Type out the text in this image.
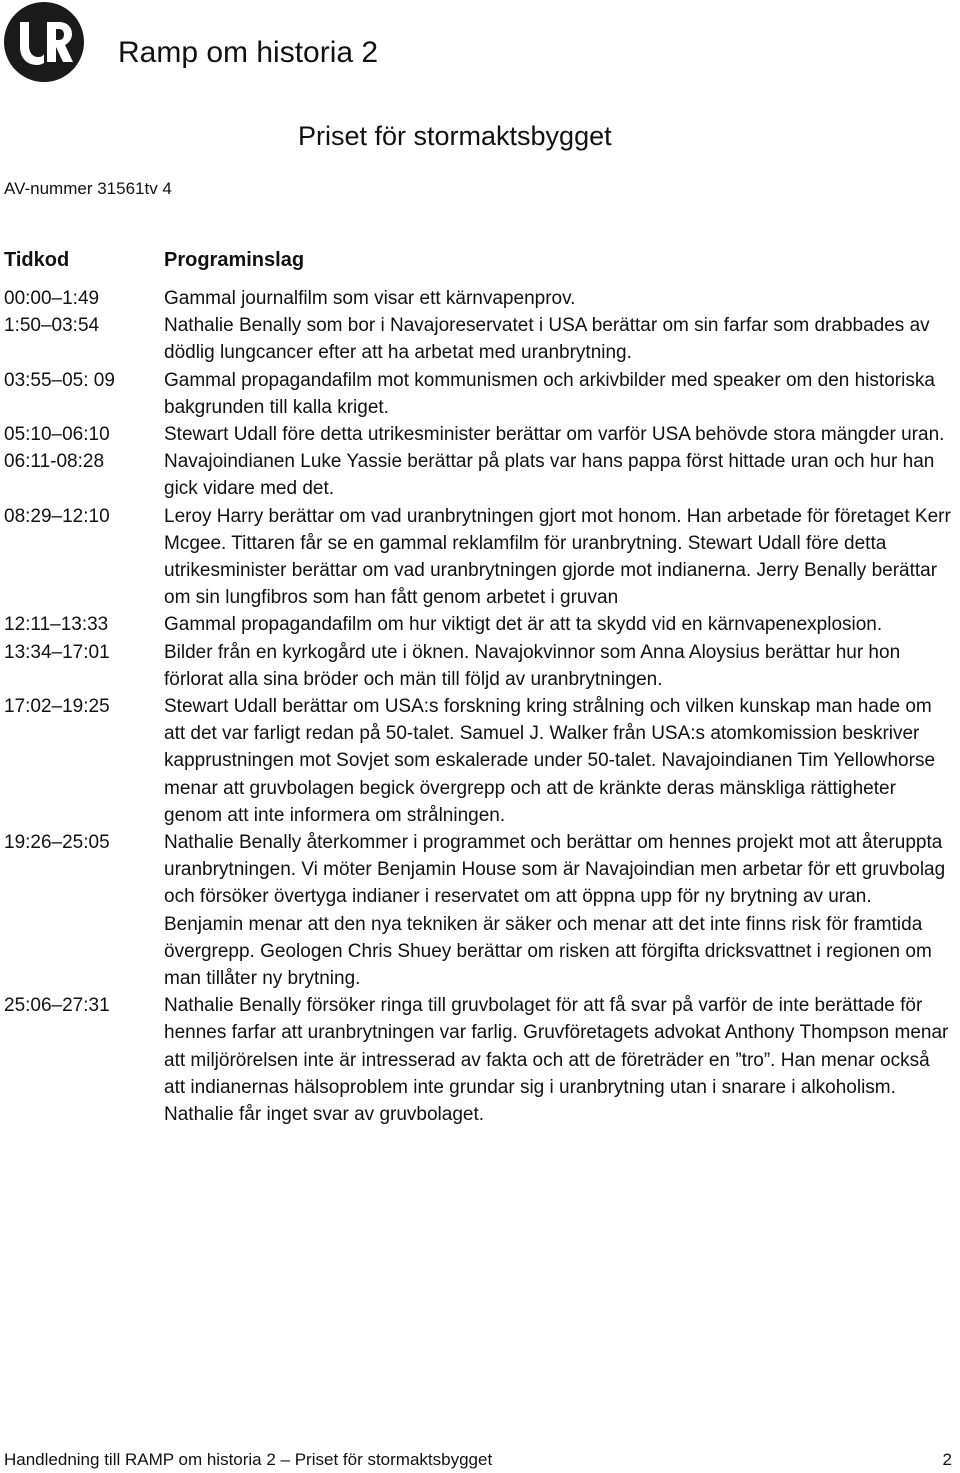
Ramp om historia 2
Priset för stormaktsbygget
AV-nummer 31561tv 4
Tidkod	Programinslag
00:00–1:49	Gammal journalfilm som visar ett kärnvapenprov.
1:50–03:54	Nathalie Benally som bor i Navajoreservatet i USA berättar om sin farfar som drabbades av dödlig lungcancer efter att ha arbetat med uranbrytning.
03:55–05: 09	Gammal propagandafilm mot kommunismen och arkivbilder med speaker om den historiska bakgrunden till kalla kriget.
05:10–06:10	Stewart Udall före detta utrikesminister berättar om varför USA behövde stora mängder uran.
06:11-08:28	Navajoindianen Luke Yassie berättar på plats var hans pappa först hittade uran och hur han gick vidare med det.
08:29–12:10	Leroy Harry berättar om vad uranbrytningen gjort mot honom. Han arbetade för företaget Kerr Mcgee. Tittaren får se en gammal reklamfilm för uranbrytning. Stewart Udall före detta utrikesminister berättar om vad uranbrytningen gjorde mot indianerna. Jerry Benally berättar om sin lungfibros som han fått genom arbetet i gruvan
12:11–13:33	Gammal propagandafilm om hur viktigt det är att ta skydd vid en kärnvapenexplosion.
13:34–17:01	Bilder från en kyrkogård ute i öknen. Navajokvinnor som Anna Aloysius berättar hur hon förlorat alla sina bröder och män till följd av uranbrytningen.
17:02–19:25	Stewart Udall berättar om USA:s forskning kring strålning och vilken kunskap man hade om att det var farligt redan på 50-talet. Samuel J. Walker från USA:s atomkomission beskriver kapprustningen mot Sovjet som eskalerade under 50-talet. Navajoindianen Tim Yellowhorse menar att gruvbolagen begick övergrepp och att de kränkte deras mänskliga rättigheter genom att inte informera om strålningen.
19:26–25:05	Nathalie Benally återkommer i programmet och berättar om hennes projekt mot att återuppta uranbrytningen. Vi möter Benjamin House som är Navajoindian men arbetar för ett gruvbolag och försöker övertyga indianer i reservatet om att öppna upp för ny brytning av uran. Benjamin menar att den nya tekniken är säker och menar att det inte finns risk för framtida övergrepp. Geologen Chris Shuey berättar om risken att förgifta dricksvattnet i regionen om man tillåter ny brytning.
25:06–27:31	Nathalie Benally försöker ringa till gruvbolaget för att få svar på varför de inte berättade för hennes farfar att uranbrytningen var farlig. Gruvföretagets advokat Anthony Thompson menar att miljörörelsen inte är intresserad av fakta och att de företräder en ”tro”. Han menar också att indianernas hälsoproblem inte grundar sig i uranbrytning utan i snarare i alkoholism. Nathalie får inget svar av gruvbolaget.
Handledning till RAMP om historia 2 – Priset för stormaktsbygget	2
